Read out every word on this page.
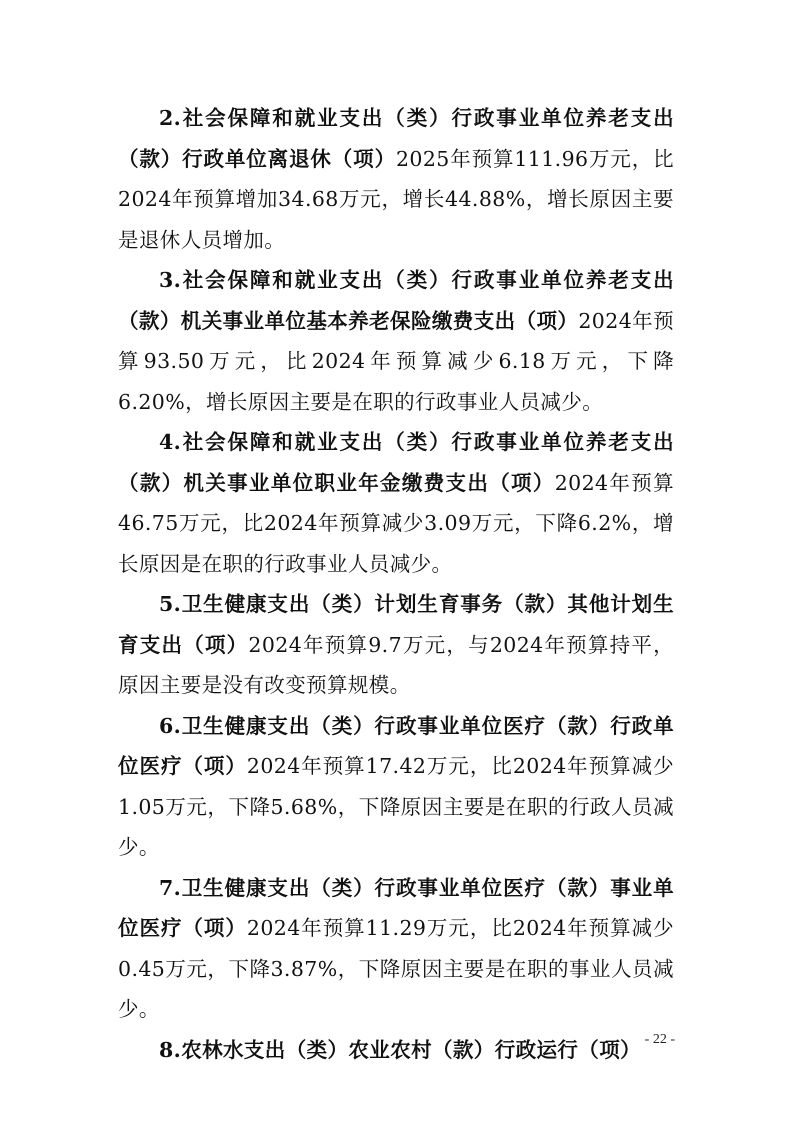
2.社会保障和就业支出（类）行政事业单位养老支出（款）行政单位离退休（项）2025年预算111.96万元，比2024年预算增加34.68万元，增长44.88%，增长原因主要是退休人员增加。

3.社会保障和就业支出（类）行政事业单位养老支出（款）机关事业单位基本养老保险缴费支出（项）2024年预算93.50万元，比2024年预算减少6.18万元，下降6.20%，增长原因主要是在职的行政事业人员减少。

4.社会保障和就业支出（类）行政事业单位养老支出（款）机关事业单位职业年金缴费支出（项）2024年预算46.75万元，比2024年预算减少3.09万元，下降6.2%，增长原因是在职的行政事业人员减少。

5.卫生健康支出（类）计划生育事务（款）其他计划生育支出（项）2024年预算9.7万元，与2024年预算持平，原因主要是没有改变预算规模。

6.卫生健康支出（类）行政事业单位医疗（款）行政单位医疗（项）2024年预算17.42万元，比2024年预算减少1.05万元，下降5.68%，下降原因主要是在职的行政人员减少。

7.卫生健康支出（类）行政事业单位医疗（款）事业单位医疗（项）2024年预算11.29万元，比2024年预算减少0.45万元，下降3.87%，下降原因主要是在职的事业人员减少。

8.农林水支出（类）农业农村（款）行政运行（项） - 22 -
